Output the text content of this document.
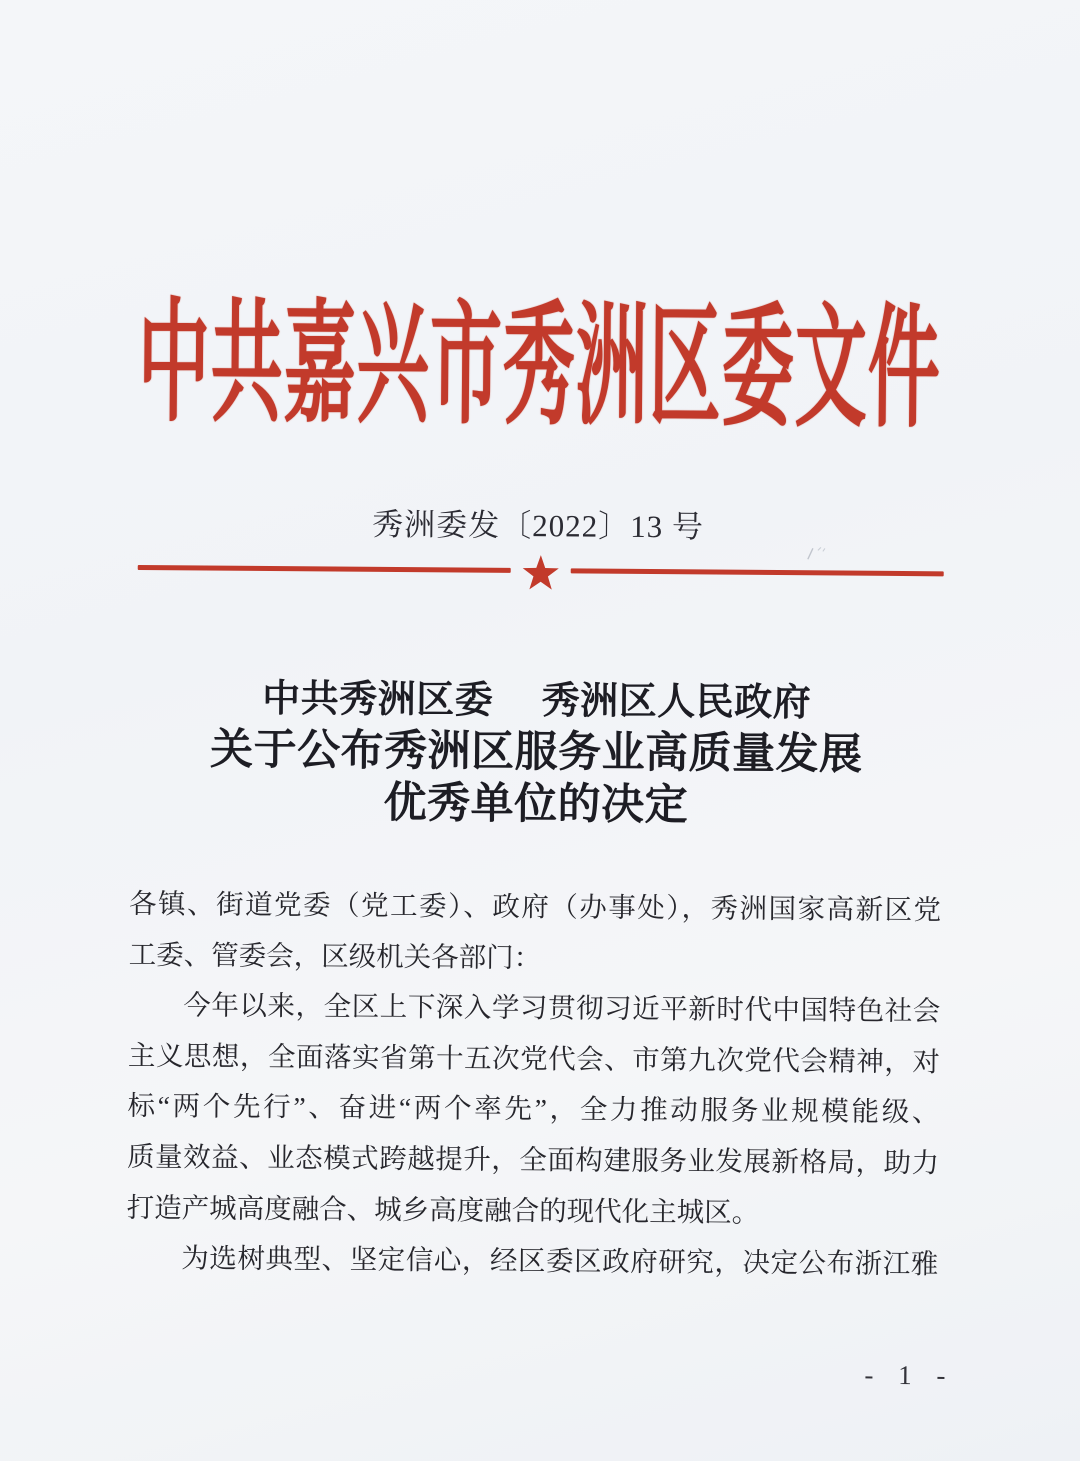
中共嘉兴市秀洲区委文件
秀洲委发〔2022〕13 号
中共秀洲区委　 秀洲区人民政府
关于公布秀洲区服务业高质量发展
优秀单位的决定
各镇、街道党委（党工委）、政府（办事处），秀洲国家高新区党
工委、管委会，区级机关各部门：
今年以来，全区上下深入学习贯彻习近平新时代中国特色社会
主义思想，全面落实省第十五次党代会、市第九次党代会精神，对
标“两个先行”、奋进“两个率先”，全力推动服务业规模能级、
质量效益、业态模式跨越提升，全面构建服务业发展新格局，助力
打造产城高度融合、城乡高度融合的现代化主城区。
为选树典型、坚定信心，经区委区政府研究，决定公布浙江雅
- 1 -
